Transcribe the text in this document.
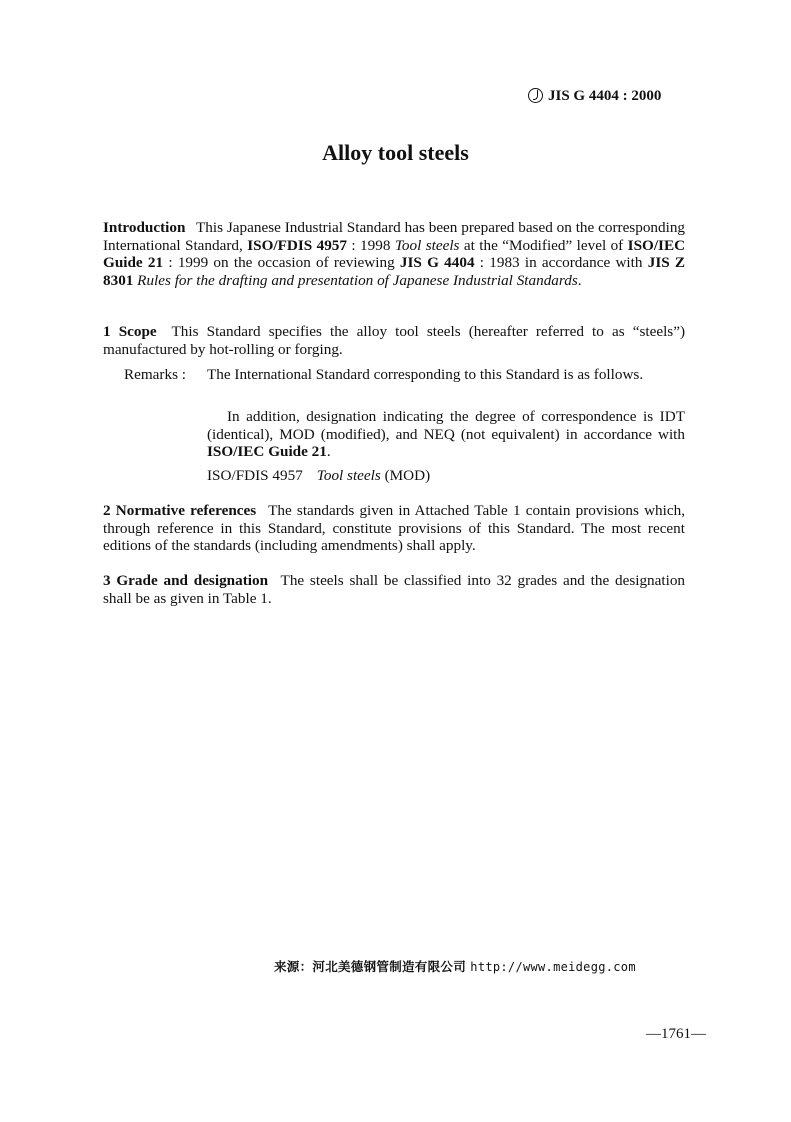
JIS G 4404 : 2000
Alloy tool steels

Introduction This Japanese Industrial Standard has been prepared based on the corresponding International Standard, ISO/FDIS 4957 : 1998 Tool steels at the “Modified” level of ISO/IEC Guide 21 : 1999 on the occasion of reviewing JIS G 4404 : 1983 in accordance with JIS Z 8301 Rules for the drafting and presentation of Japanese Industrial Standards.

1 Scope This Standard specifies the alloy tool steels (hereafter referred to as “steels”) manufactured by hot-rolling or forging.

Remarks : The International Standard corresponding to this Standard is as follows.

In addition, designation indicating the degree of correspondence is IDT (identical), MOD (modified), and NEQ (not equivalent) in accordance with ISO/IEC Guide 21.

ISO/FDIS 4957 Tool steels (MOD)

2 Normative references The standards given in Attached Table 1 contain provisions which, through reference in this Standard, constitute provisions of this Standard. The most recent editions of the standards (including amendments) shall apply.

3 Grade and designation The steels shall be classified into 32 grades and the designation shall be as given in Table 1.

来源：河北美德钢管制造有限公司 http://www.meidegg.com
—1761—
